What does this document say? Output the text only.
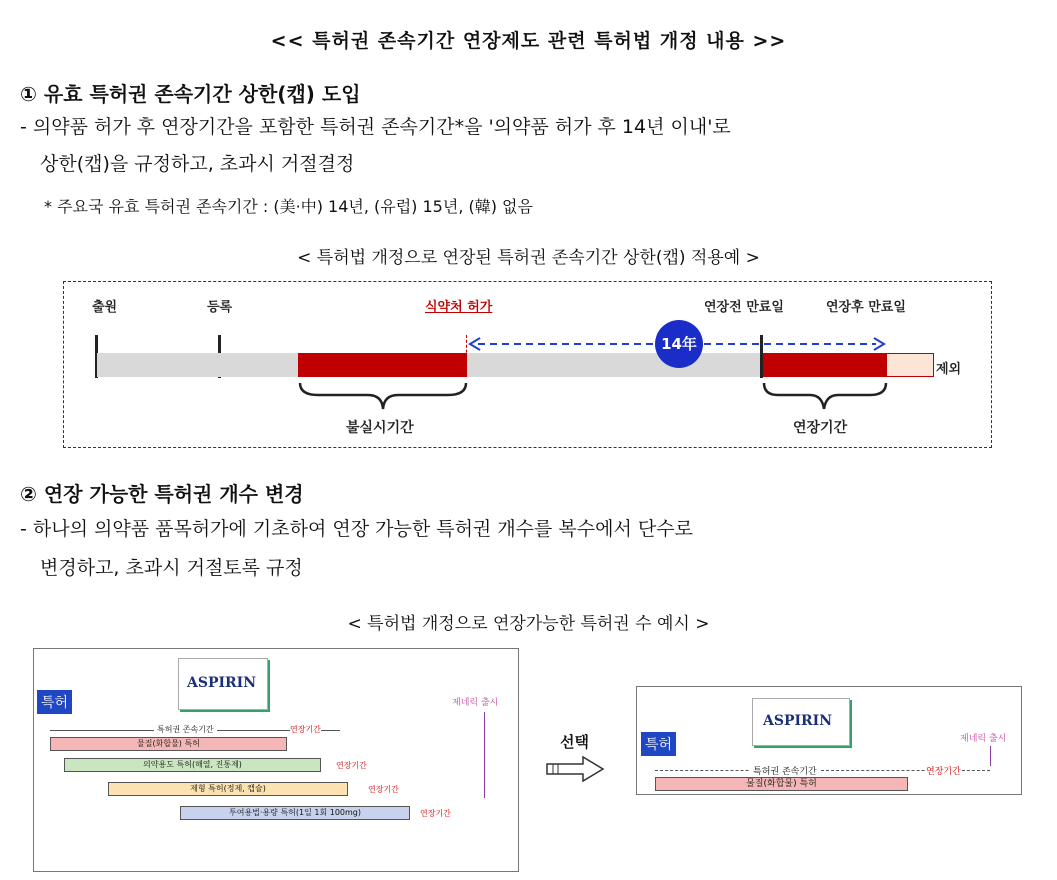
<< 특허권 존속기간 연장제도 관련 특허법 개정 내용 >>
① 유효 특허권 존속기간 상한(캡) 도입
- 의약품 허가 후 연장기간을 포함한 특허권 존속기간*을 '의약품 허가 후 14년 이내'로
상한(캡)을 규정하고, 초과시 거절결정
* 주요국 유효 특허권 존속기간 : (美·中) 14년, (유럽) 15년, (韓) 없음
< 특허법 개정으로 연장된 특허권 존속기간 상한(캡) 적용예 >
출원	등록	식약처 허가	연장전 만료일	연장후 만료일
제외
14年
불실시기간	연장기간
② 연장 가능한 특허권 개수 변경
- 하나의 의약품 품목허가에 기초하여 연장 가능한 특허권 개수를 복수에서 단수로
변경하고, 초과시 거절토록 규정
< 특허법 개정으로 연장가능한 특허권 수 예시 >
특허
ASPIRIN
제네릭 출시
특허권 존속기간	연장기간
물질(화합물) 특허
의약용도 특허(해열, 진통제)	연장기간
제형 특허(정제, 캡슐)	연장기간
투여용법·용량 특허(1일 1회 100mg)	연장기간
선택	특허
ASPIRIN
제네릭 출시
특허권 존속기간	연장기간
물질(화합물) 특허
